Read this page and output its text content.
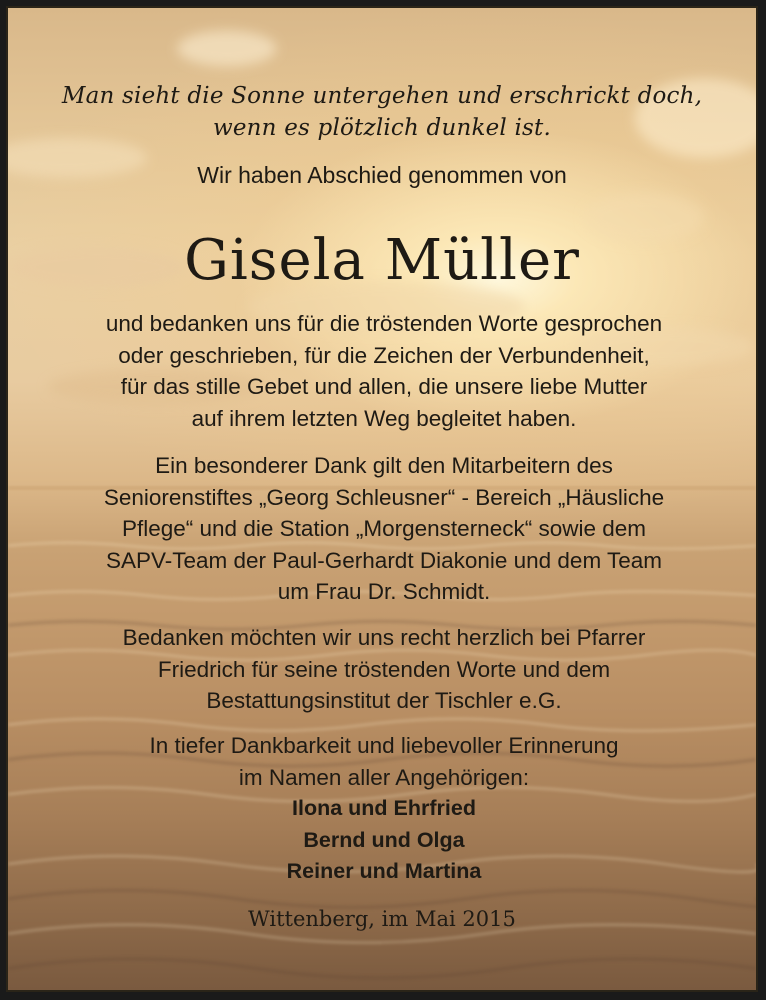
Man sieht die Sonne untergehen und erschrickt doch,
wenn es plötzlich dunkel ist.
Wir haben Abschied genommen von
Gisela Müller
und bedanken uns für die tröstenden Worte gesprochen
oder geschrieben, für die Zeichen der Verbundenheit,
für das stille Gebet und allen, die unsere liebe Mutter
auf ihrem letzten Weg begleitet haben.
Ein besonderer Dank gilt den Mitarbeitern des
Seniorenstiftes „Georg Schleusner“ - Bereich „Häusliche
Pflege“ und die Station „Morgensterneck“ sowie dem
SAPV-Team der Paul-Gerhardt Diakonie und dem Team
um Frau Dr. Schmidt.
Bedanken möchten wir uns recht herzlich bei Pfarrer
Friedrich für seine tröstenden Worte und dem
Bestattungsinstitut der Tischler e.G.
In tiefer Dankbarkeit und liebevoller Erinnerung
im Namen aller Angehörigen:
Ilona und Ehrfried
Bernd und Olga
Reiner und Martina
Wittenberg, im Mai 2015
